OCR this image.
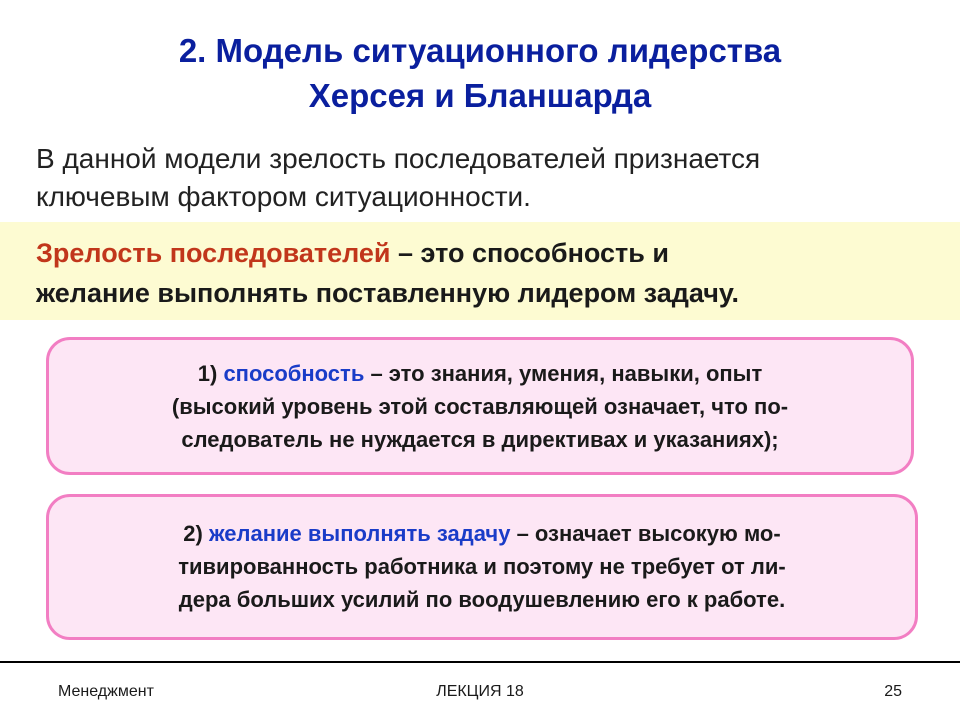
2. Модель ситуационного лидерства
Херсея и Бланшарда
В данной модели зрелость последователей признается
ключевым фактором ситуационности.
Зрелость последователей – это способность и
желание выполнять поставленную лидером задачу.
1) способность – это знания, умения, навыки, опыт
(высокий уровень этой составляющей означает, что по-
следователь не нуждается в директивах и указаниях);
2) желание выполнять задачу – означает высокую мо-
тивированность работника и поэтому не требует от ли-
дера больших усилий по воодушевлению его к работе.
Менеджмент	ЛЕКЦИЯ 18	25
